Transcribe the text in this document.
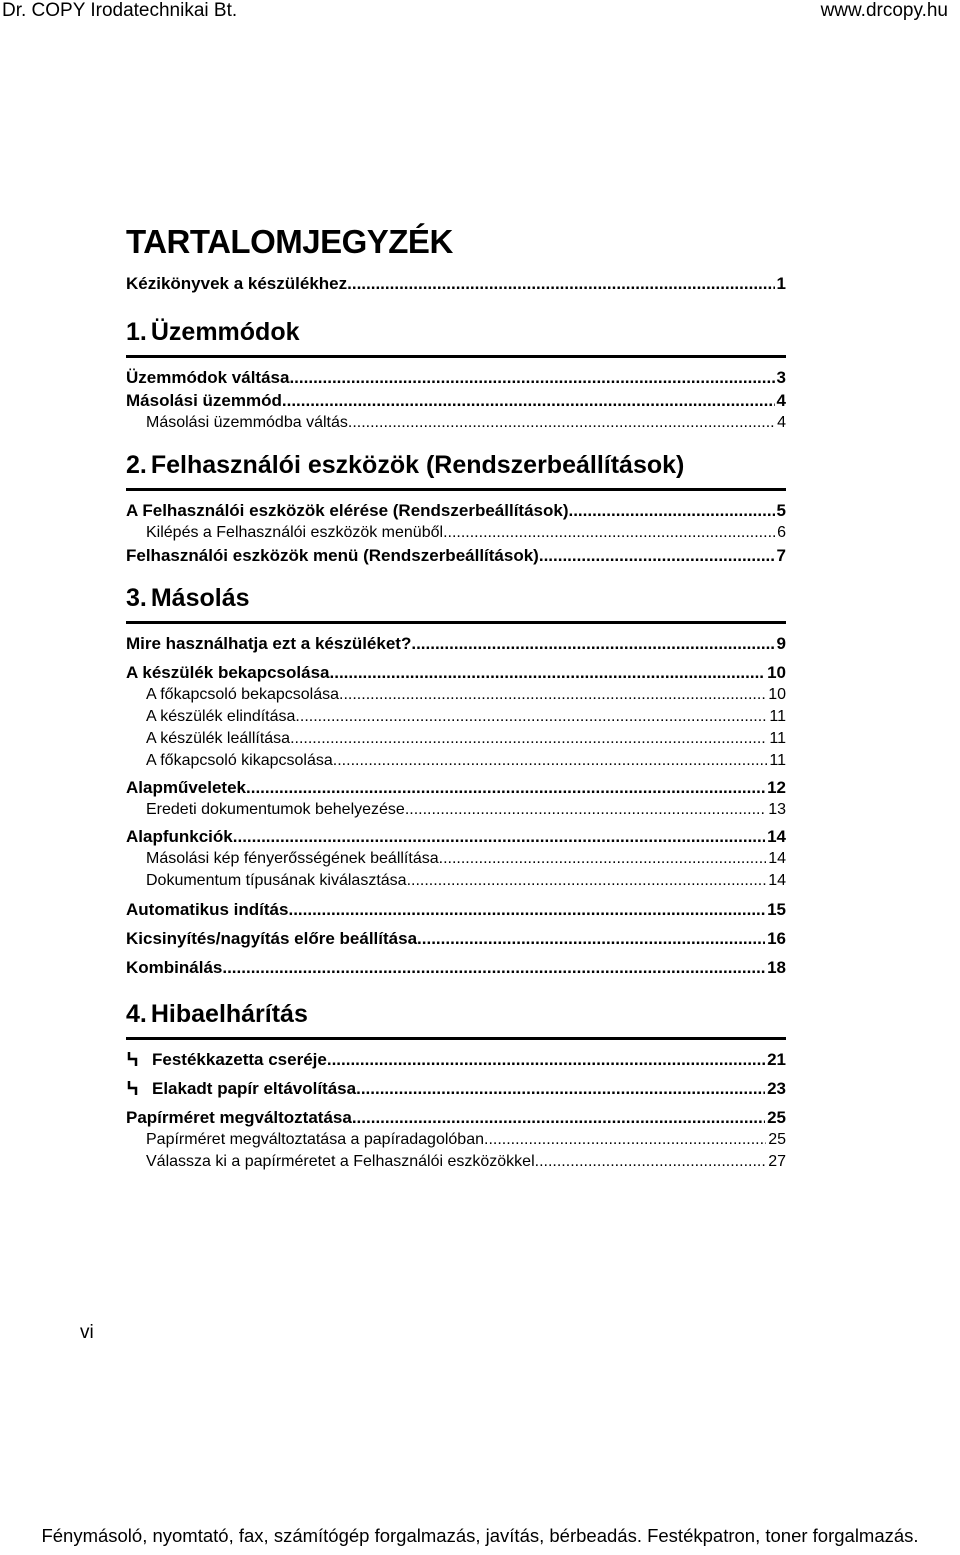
Dr. COPY Irodatechnikai Bt.	www.drcopy.hu
TARTALOMJEGYZÉK
Kézikönyvek a készülékhez .....	1
1. Üzemmódok
Üzemmódok váltása .....	3
Másolási üzemmód .....	4
Másolási üzemmódba váltás .....	4
2. Felhasználói eszközök (Rendszerbeállítások)
A Felhasználói eszközök elérése (Rendszerbeállítások) .....	5
Kilépés a Felhasználói eszközök menüből .....	6
Felhasználói eszközök menü (Rendszerbeállítások) .....	7
3. Másolás
Mire használhatja ezt a készüléket? .....	9
A készülék bekapcsolása .....	10
A főkapcsoló bekapcsolása .....	10
A készülék elindítása .....	11
A készülék leállítása .....	11
A főkapcsoló kikapcsolása .....	11
Alapműveletek .....	12
Eredeti dokumentumok behelyezése .....	13
Alapfunkciók .....	14
Másolási kép fényerősségének beállítása .....	14
Dokumentum típusának kiválasztása .....	14
Automatikus indítás .....	15
Kicsinyítés/nagyítás előre beállítása .....	16
Kombinálás .....	18
4. Hibaelhárítás
Festékkazetta cseréje .....	21
Elakadt papír eltávolítása .....	23
Papírméret megváltoztatása .....	25
Papírméret megváltoztatása a papíradagolóban .....	25
Válassza ki a papírméretet a Felhasználói eszközökkel. .....	27
vi
Fénymásoló, nyomtató, fax, számítógép forgalmazás, javítás, bérbeadás. Festékpatron, toner forgalmazás.
